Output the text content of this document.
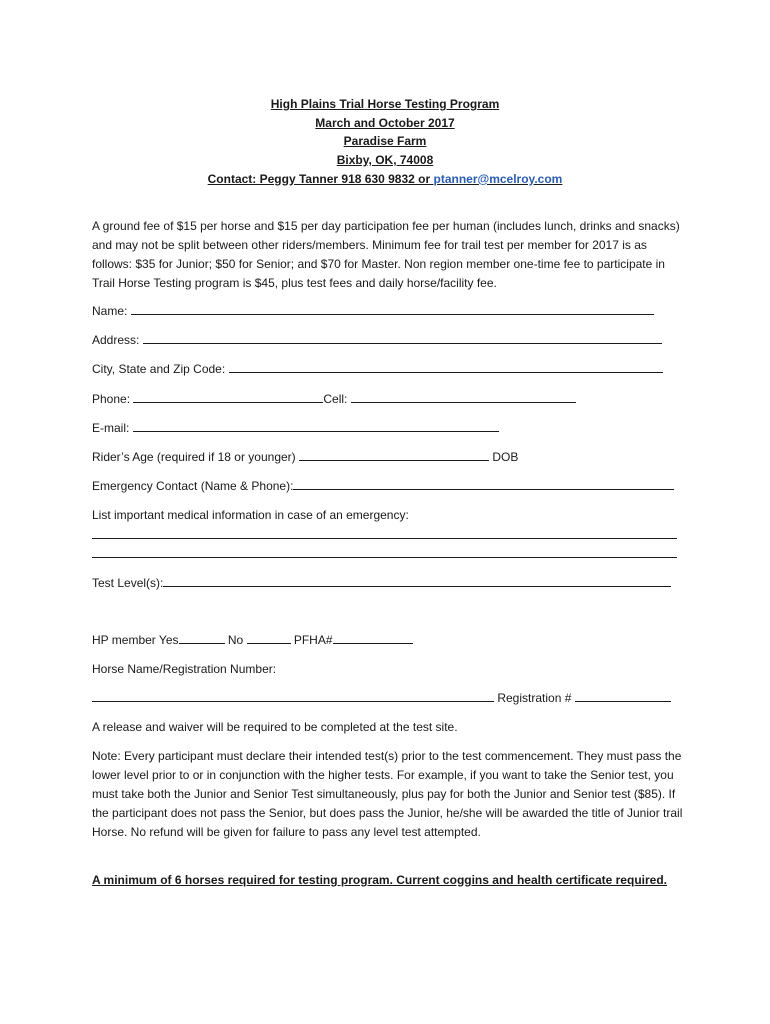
High Plains Trial Horse Testing Program
March and October 2017
Paradise Farm
Bixby, OK, 74008
Contact: Peggy Tanner 918 630 9832 or ptanner@mcelroy.com
A ground fee of $15 per horse and $15 per day participation fee per human (includes lunch, drinks and snacks) and may not be split between other riders/members. Minimum fee for trail test per member for 2017 is as follows: $35 for Junior; $50 for Senior; and $70 for Master. Non region member one-time fee to participate in Trail Horse Testing program is $45, plus test fees and daily horse/facility fee.
Name:
Address:
City, State and Zip Code:
Phone:	Cell:
E-mail:
Rider’s Age (required if 18 or younger)	DOB
Emergency Contact (Name & Phone):
List important medical information in case of an emergency:
Test Level(s):
HP member Yes	No	PFHA#
Horse Name/Registration Number:
Registration #
A release and waiver will be required to be completed at the test site.
Note: Every participant must declare their intended test(s) prior to the test commencement. They must pass the lower level prior to or in conjunction with the higher tests. For example, if you want to take the Senior test, you must take both the Junior and Senior Test simultaneously, plus pay for both the Junior and Senior test ($85). If the participant does not pass the Senior, but does pass the Junior, he/she will be awarded the title of Junior trail Horse. No refund will be given for failure to pass any level test attempted.
A minimum of 6 horses required for testing program. Current coggins and health certificate required.
